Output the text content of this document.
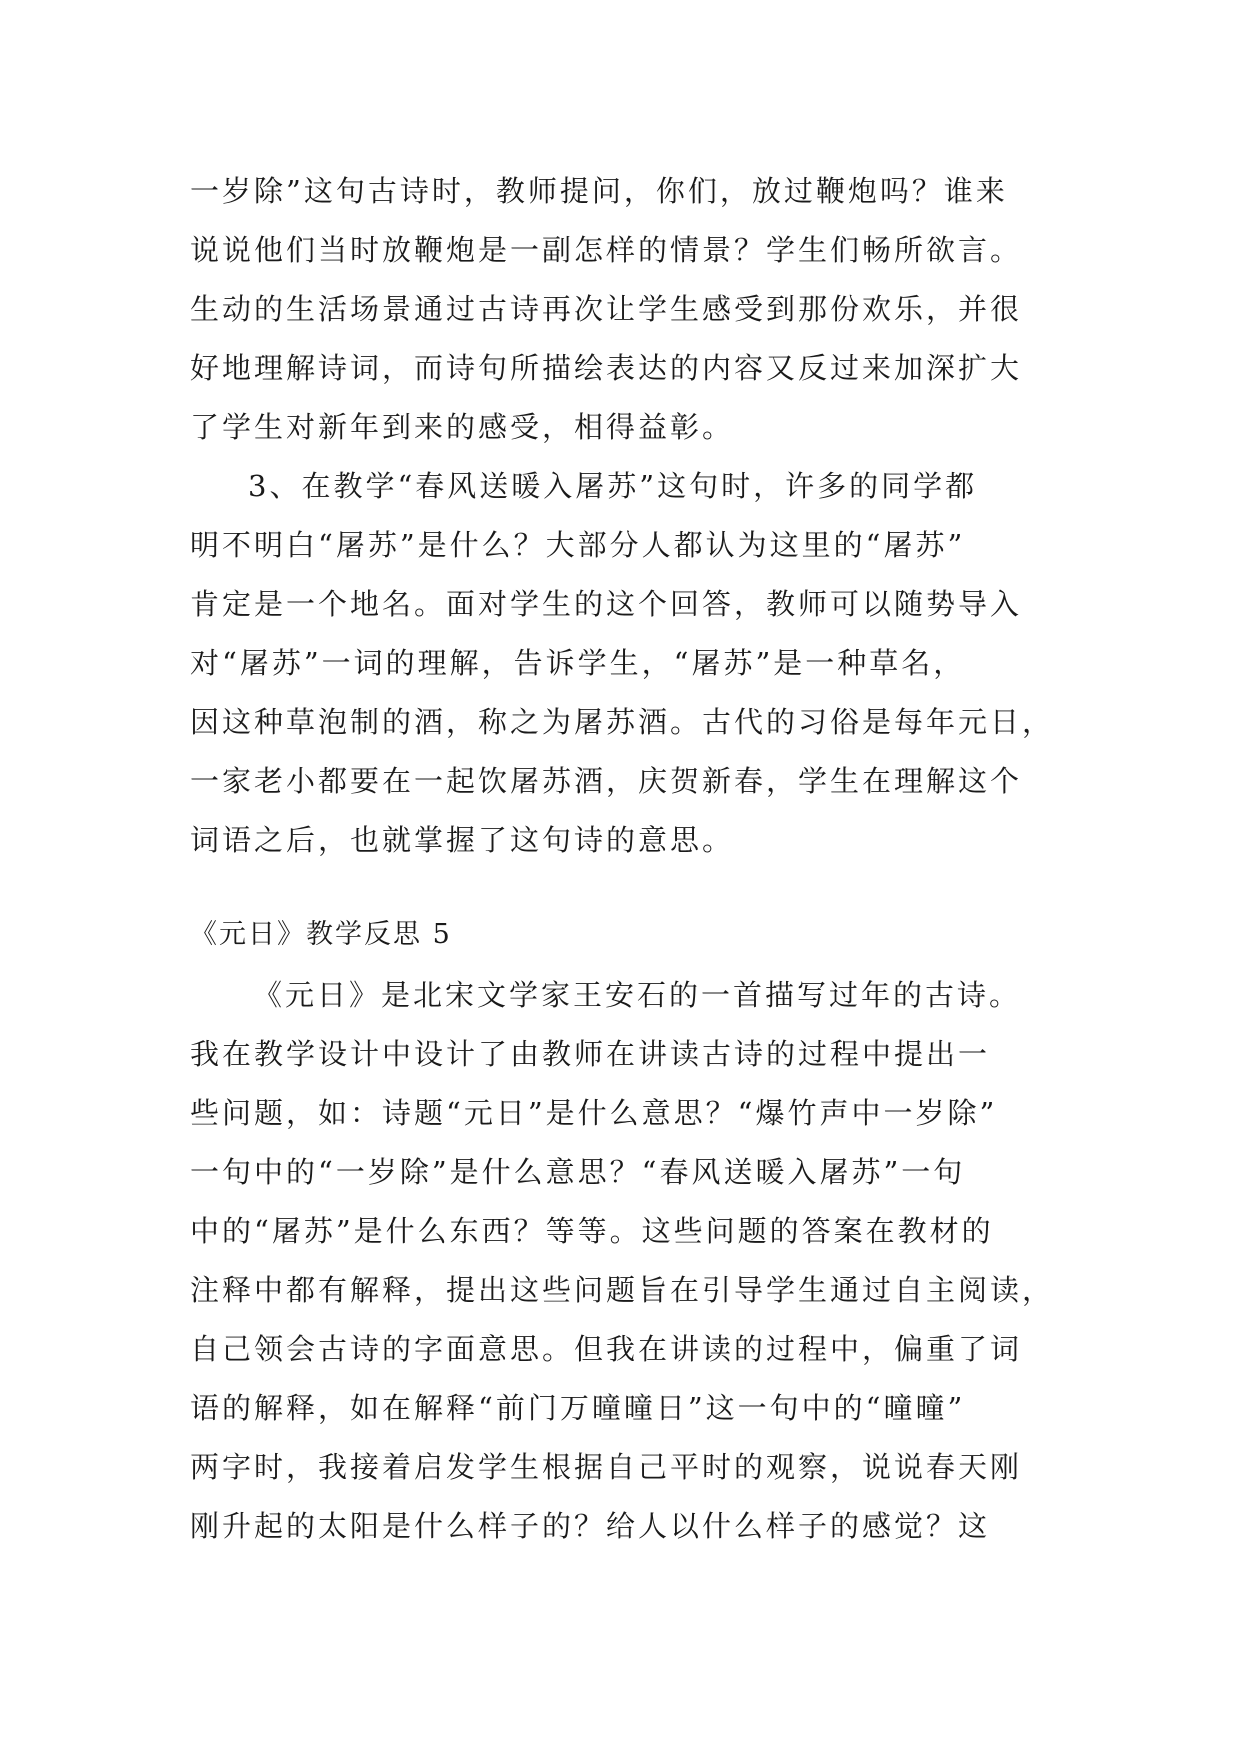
一岁除”这句古诗时，教师提问，你们，放过鞭炮吗？谁来
说说他们当时放鞭炮是一副怎样的情景？学生们畅所欲言。
生动的生活场景通过古诗再次让学生感受到那份欢乐，并很
好地理解诗词，而诗句所描绘表达的内容又反过来加深扩大
了学生对新年到来的感受，相得益彰。
3、在教学“春风送暖入屠苏”这句时，许多的同学都
明不明白“屠苏”是什么？大部分人都认为这里的“屠苏”
肯定是一个地名。面对学生的这个回答，教师可以随势导入
对“屠苏”一词的理解，告诉学生，“屠苏”是一种草名，
因这种草泡制的酒，称之为屠苏酒。古代的习俗是每年元日，
一家老小都要在一起饮屠苏酒，庆贺新春，学生在理解这个
词语之后，也就掌握了这句诗的意思。
《元日》教学反思 5
《元日》是北宋文学家王安石的一首描写过年的古诗。
我在教学设计中设计了由教师在讲读古诗的过程中提出一
些问题，如：诗题“元日”是什么意思？“爆竹声中一岁除”
一句中的“一岁除”是什么意思？“春风送暖入屠苏”一句
中的“屠苏”是什么东西？等等。这些问题的答案在教材的
注释中都有解释，提出这些问题旨在引导学生通过自主阅读，
自己领会古诗的字面意思。但我在讲读的过程中，偏重了词
语的解释，如在解释“前门万曈曈日”这一句中的“曈曈”
两字时，我接着启发学生根据自己平时的观察，说说春天刚
刚升起的太阳是什么样子的？给人以什么样子的感觉？这
